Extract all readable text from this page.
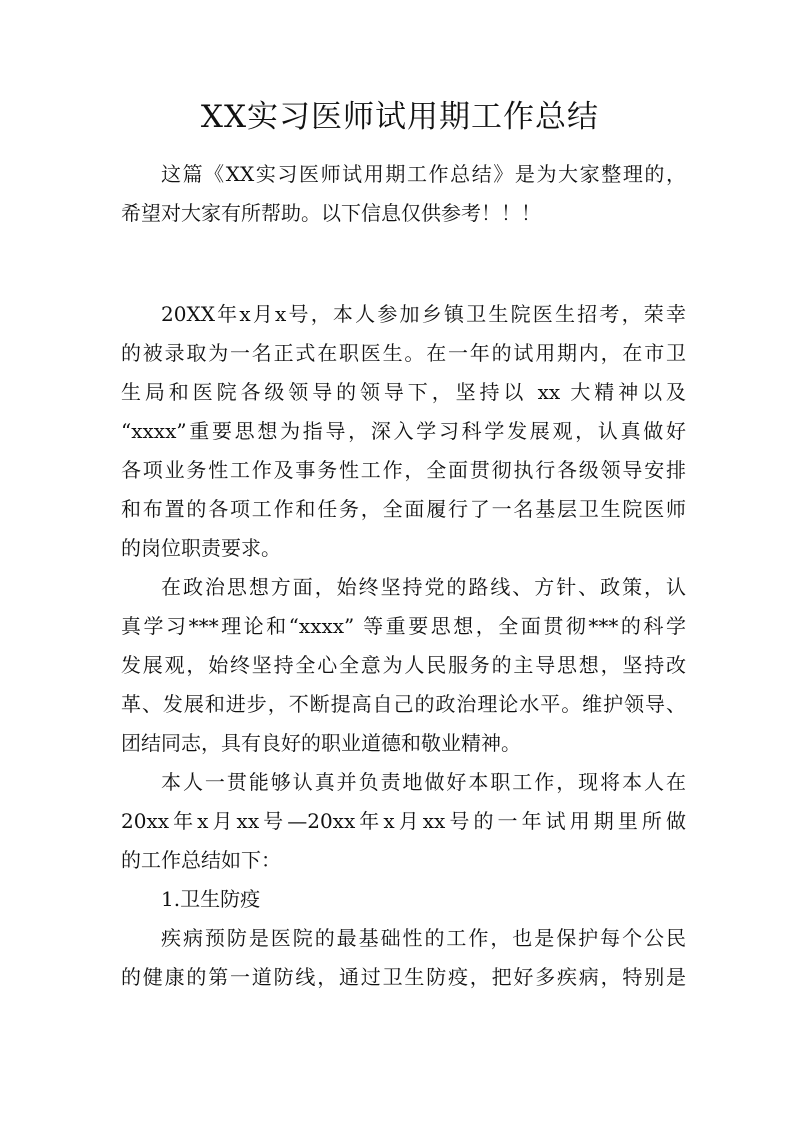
XX实习医师试用期工作总结
这篇《XX实习医师试用期工作总结》是为大家整理的，
希望对大家有所帮助。以下信息仅供参考！！！
20XX年x月x号，本人参加乡镇卫生院医生招考，荣幸
的被录取为一名正式在职医生。在一年的试用期内，在市卫
生局和医院各级领导的领导下，坚持以 xx 大精神以及
“xxxx”重要思想为指导，深入学习科学发展观，认真做好
各项业务性工作及事务性工作，全面贯彻执行各级领导安排
和布置的各项工作和任务，全面履行了一名基层卫生院医师
的岗位职责要求。
在政治思想方面，始终坚持党的路线、方针、政策，认
真学习***理论和“xxxx” 等重要思想，全面贯彻***的科学
发展观，始终坚持全心全意为人民服务的主导思想，坚持改
革、发展和进步，不断提高自己的政治理论水平。维护领导、
团结同志，具有良好的职业道德和敬业精神。
本人一贯能够认真并负责地做好本职工作，现将本人在
20xx年x月xx号—20xx年x月xx号的一年试用期里所做
的工作总结如下：
1.卫生防疫
疾病预防是医院的最基础性的工作，也是保护每个公民
的健康的第一道防线，通过卫生防疫，把好多疾病，特别是
